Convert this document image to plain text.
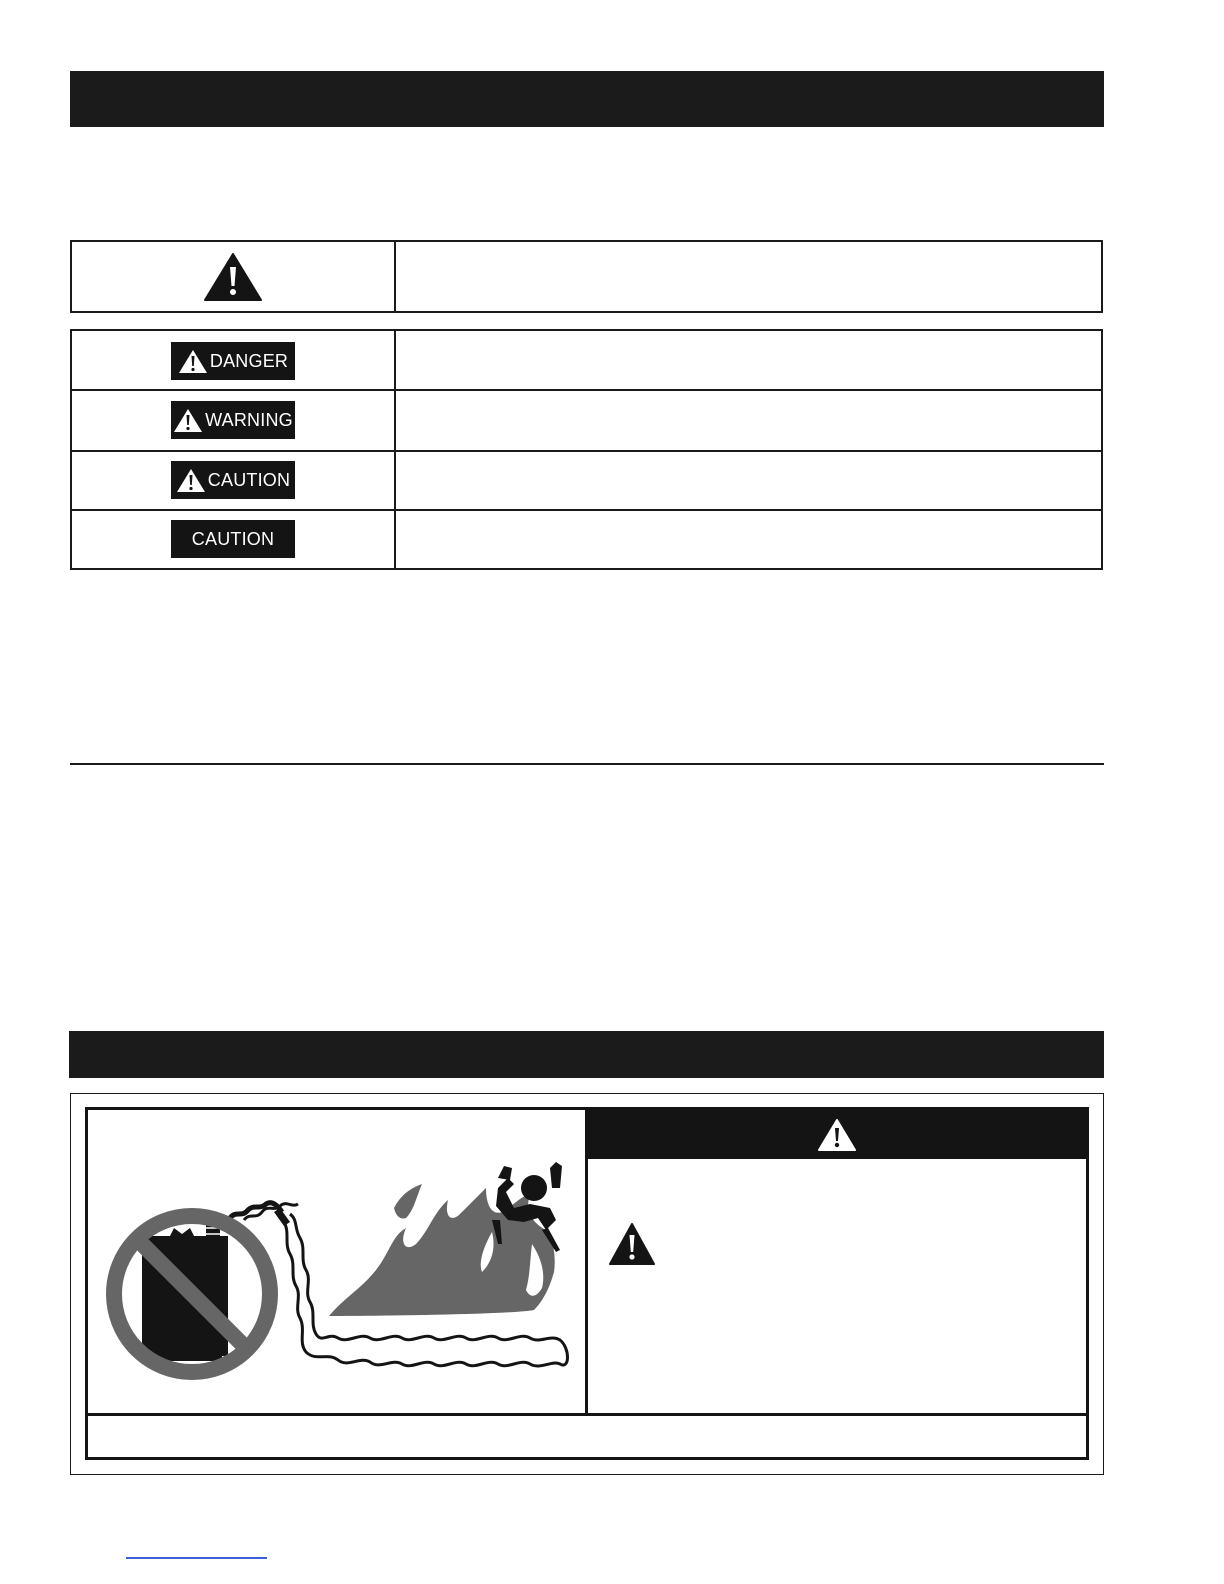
DANGER
WARNING
CAUTION
CAUTION
